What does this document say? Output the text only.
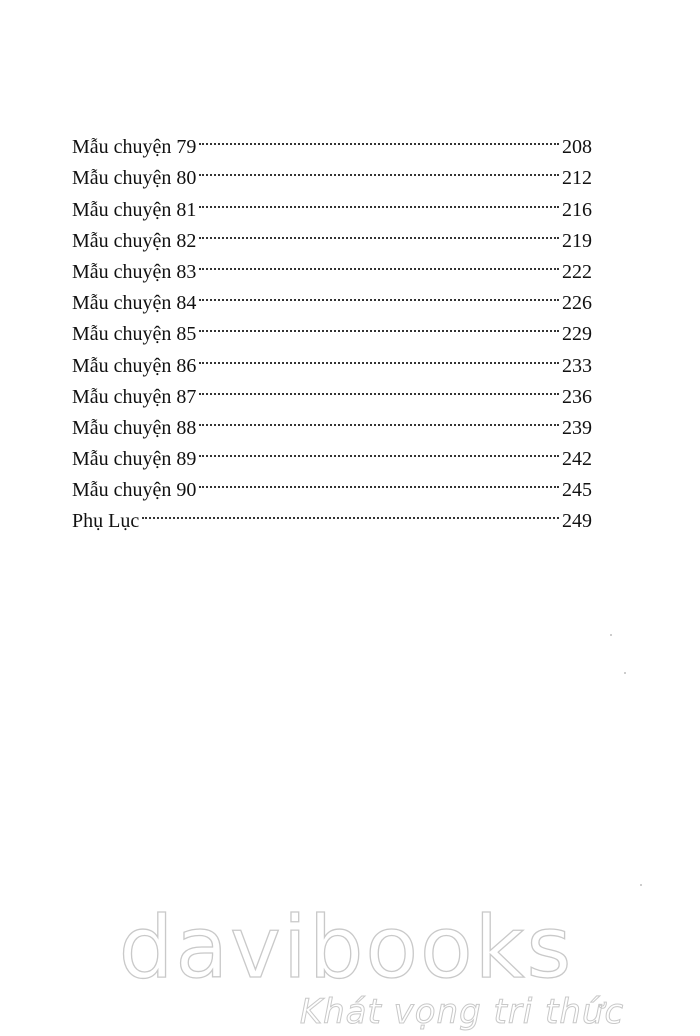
Mẫu chuyện 79	208
Mẫu chuyện 80	212
Mẫu chuyện 81	216
Mẫu chuyện 82	219
Mẫu chuyện 83	222
Mẫu chuyện 84	226
Mẫu chuyện 85	229
Mẫu chuyện 86	233
Mẫu chuyện 87	236
Mẫu chuyện 88	239
Mẫu chuyện 89	242
Mẫu chuyện 90	245
Phụ Lục	249
davibooks
Khát vọng tri thức
